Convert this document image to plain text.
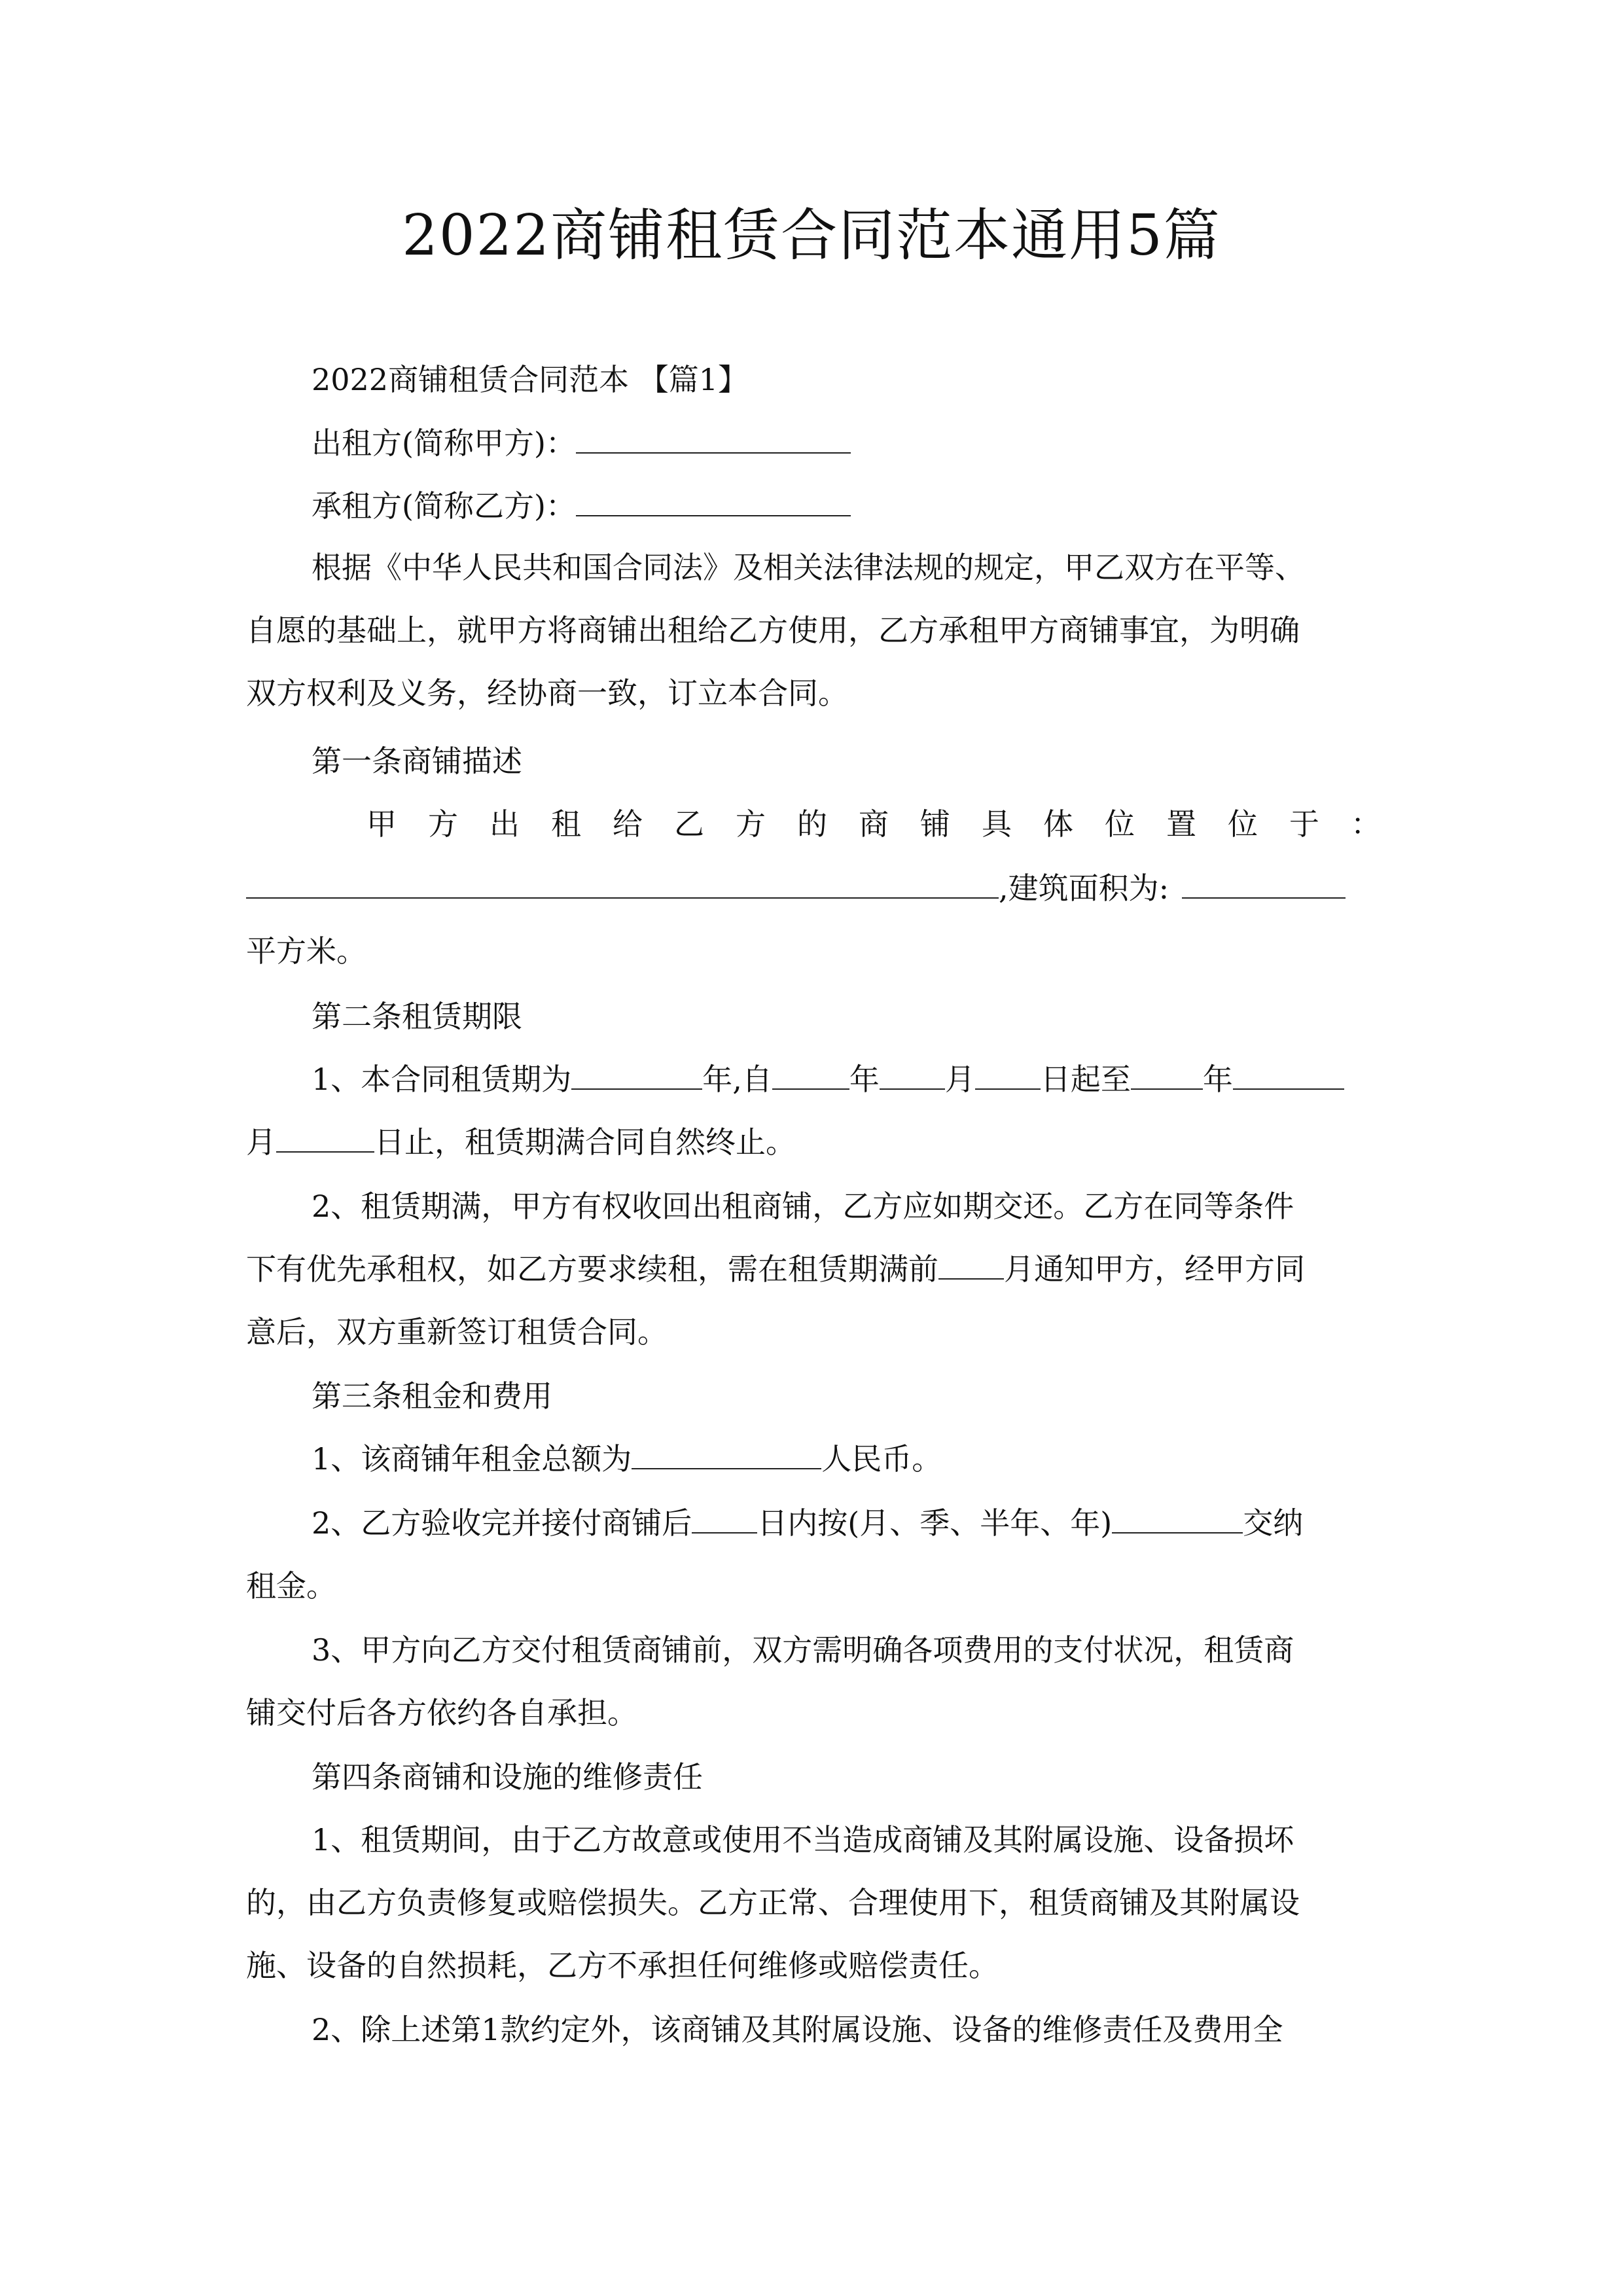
2022商铺租赁合同范本通用5篇
2022商铺租赁合同范本 【篇1】
出租方(简称甲方)：
承租方(简称乙方)：
根据《中华人民共和国合同法》及相关法律法规的规定，甲乙双方在平等、
自愿的基础上，就甲方将商铺出租给乙方使用，乙方承租甲方商铺事宜，为明确
双方权利及义务，经协商一致，订立本合同。
第一条商铺描述
甲方出租给乙方的商铺具体位置位于：
,建筑面积为:
平方米。
第二条租赁期限
1、本合同租赁期为	年,自	年 月 日起至 年
月	日止，租赁期满合同自然终止。
2、租赁期满，甲方有权收回出租商铺，乙方应如期交还。乙方在同等条件
下有优先承租权，如乙方要求续租，需在租赁期满前 月通知甲方，经甲方同
意后，双方重新签订租赁合同。
第三条租金和费用
1、该商铺年租金总额为	人民币。
2、乙方验收完并接付商铺后 日内按(月、季、半年、年)	交纳
租金。
3、甲方向乙方交付租赁商铺前，双方需明确各项费用的支付状况，租赁商
铺交付后各方依约各自承担。
第四条商铺和设施的维修责任
1、租赁期间，由于乙方故意或使用不当造成商铺及其附属设施、设备损坏
的，由乙方负责修复或赔偿损失。乙方正常、合理使用下，租赁商铺及其附属设
施、设备的自然损耗，乙方不承担任何维修或赔偿责任。
2、除上述第1款约定外，该商铺及其附属设施、设备的维修责任及费用全
